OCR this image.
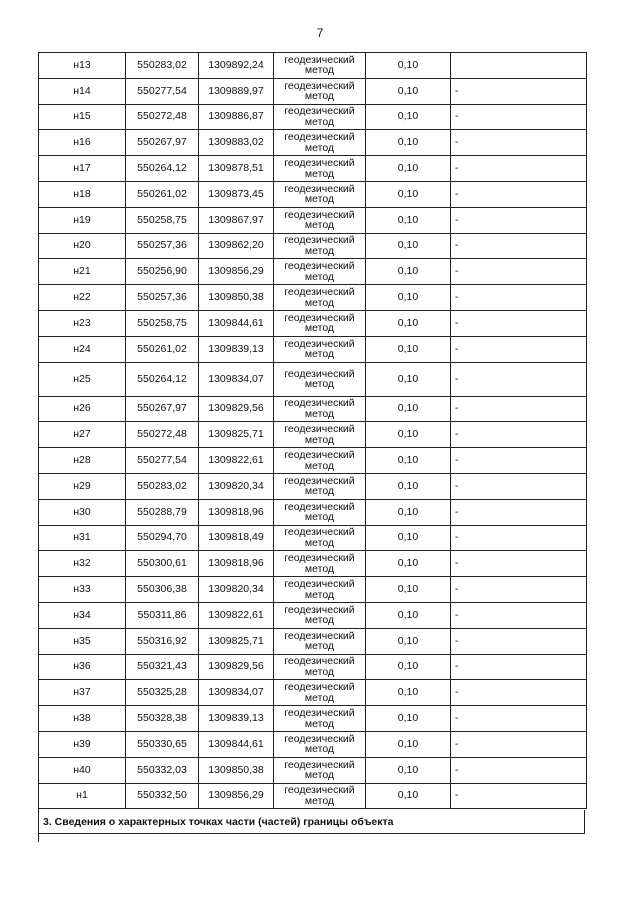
7
н13	550283,02	1309892,24	геодезический
метод	0,10	
н14	550277,54	1309889,97	геодезический
метод	0,10	-
н15	550272,48	1309886,87	геодезический
метод	0,10	-
н16	550267,97	1309883,02	геодезический
метод	0,10	-
н17	550264,12	1309878,51	геодезический
метод	0,10	-
н18	550261,02	1309873,45	геодезический
метод	0,10	-
н19	550258,75	1309867,97	геодезический
метод	0,10	-
н20	550257,36	1309862,20	геодезический
метод	0,10	-
н21	550256,90	1309856,29	геодезический
метод	0,10	-
н22	550257,36	1309850,38	геодезический
метод	0,10	-
н23	550258,75	1309844,61	геодезический
метод	0,10	-
н24	550261,02	1309839,13	геодезический
метод	0,10	-
н25	550264,12	1309834,07	геодезический
метод	0,10	-
н26	550267,97	1309829,56	геодезический
метод	0,10	-
н27	550272,48	1309825,71	геодезический
метод	0,10	-
н28	550277,54	1309822,61	геодезический
метод	0,10	-
н29	550283,02	1309820,34	геодезический
метод	0,10	-
н30	550288,79	1309818,96	геодезический
метод	0,10	-
н31	550294,70	1309818,49	геодезический
метод	0,10	-
н32	550300,61	1309818,96	геодезический
метод	0,10	-
н33	550306,38	1309820,34	геодезический
метод	0,10	-
н34	550311,86	1309822,61	геодезический
метод	0,10	-
н35	550316,92	1309825,71	геодезический
метод	0,10	-
н36	550321,43	1309829,56	геодезический
метод	0,10	-
н37	550325,28	1309834,07	геодезический
метод	0,10	-
н38	550328,38	1309839,13	геодезический
метод	0,10	-
н39	550330,65	1309844,61	геодезический
метод	0,10	-
н40	550332,03	1309850,38	геодезический
метод	0,10	-
н1	550332,50	1309856,29	геодезический
метод	0,10	-
3. Сведения о характерных точках части (частей) границы объекта
